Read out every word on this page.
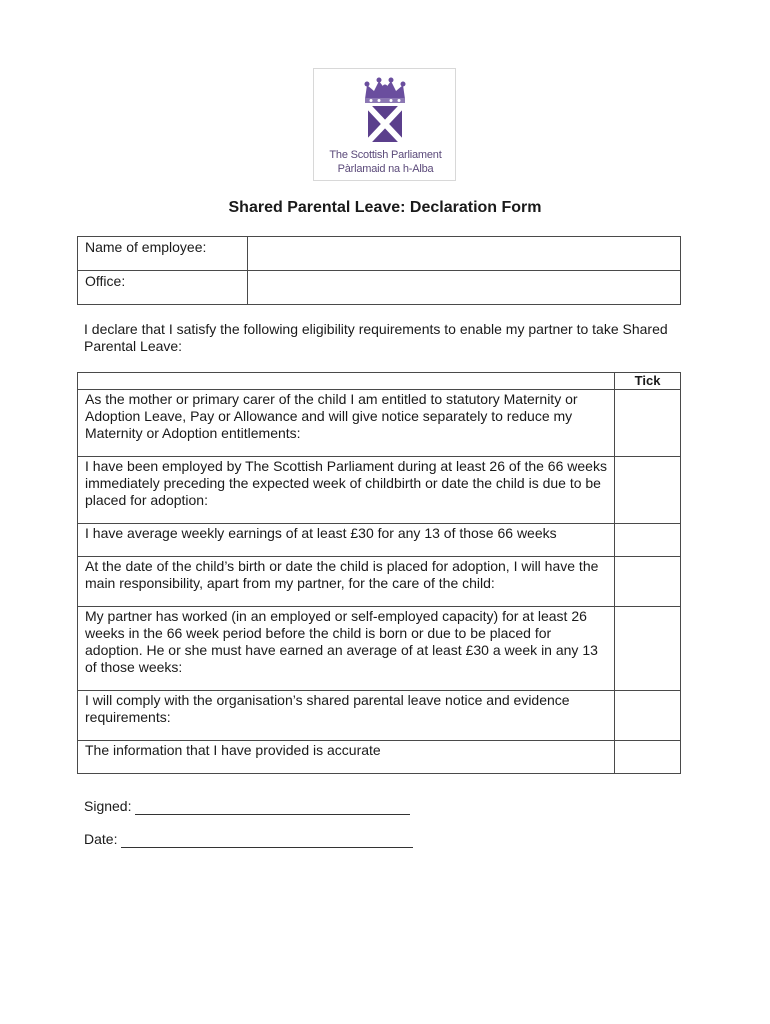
The Scottish Parliament
Pàrlamaid na h-Alba
Shared Parental Leave: Declaration Form
Name of employee:	
Office:	
I declare that I satisfy the following eligibility requirements to enable my partner to take Shared Parental Leave:
	Tick
As the mother or primary carer of the child I am entitled to statutory Maternity or Adoption Leave, Pay or Allowance and will give notice separately to reduce my Maternity or Adoption entitlements:	
I have been employed by The Scottish Parliament during at least 26 of the 66 weeks immediately preceding the expected week of childbirth or date the child is due to be placed for adoption:	
I have average weekly earnings of at least £30 for any 13 of those 66 weeks	
At the date of the child’s birth or date the child is placed for adoption, I will have the main responsibility, apart from my partner, for the care of the child:	
My partner has worked (in an employed or self-employed capacity) for at least 26 weeks in the 66 week period before the child is born or due to be placed for adoption. He or she must have earned an average of at least £30 a week in any 13 of those weeks:	
I will comply with the organisation’s shared parental leave notice and evidence requirements:	
The information that I have provided is accurate	
Signed:
Date:
